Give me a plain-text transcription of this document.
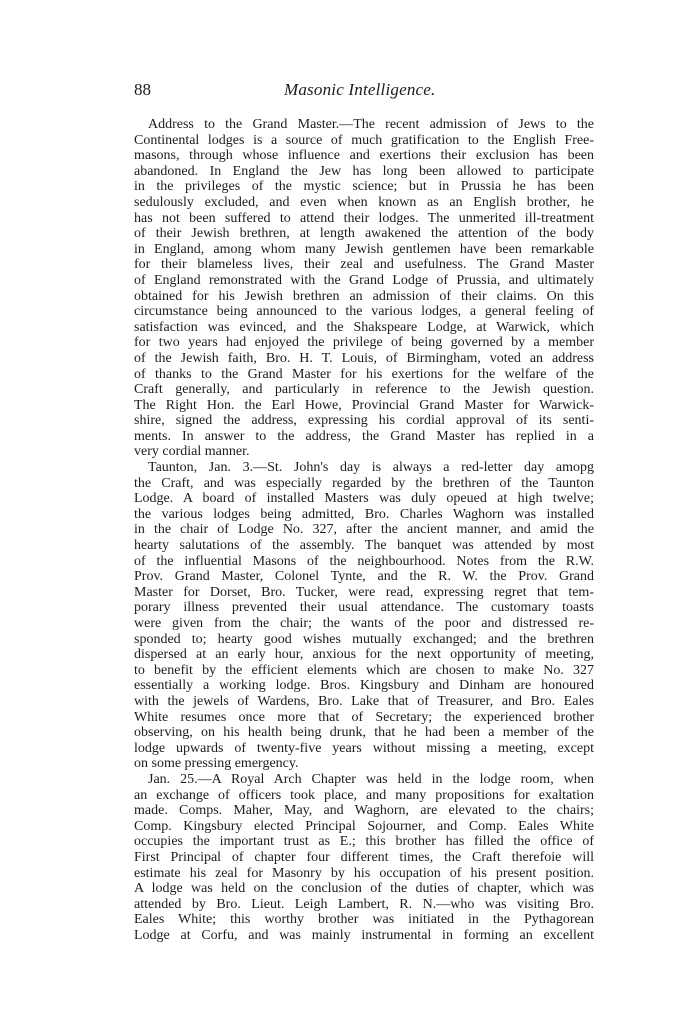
88	Masonic Intelligence.
Address to the Grand Master.—The recent admission of Jews to the
Continental lodges is a source of much gratification to the English Free-
masons, through whose influence and exertions their exclusion has been
abandoned. In England the Jew has long been allowed to participate
in the privileges of the mystic science; but in Prussia he has been
sedulously excluded, and even when known as an English brother, he
has not been suffered to attend their lodges. The unmerited ill-treatment
of their Jewish brethren, at length awakened the attention of the body
in England, among whom many Jewish gentlemen have been remarkable
for their blameless lives, their zeal and usefulness. The Grand Master
of England remonstrated with the Grand Lodge of Prussia, and ultimately
obtained for his Jewish brethren an admission of their claims. On this
circumstance being announced to the various lodges, a general feeling of
satisfaction was evinced, and the Shakspeare Lodge, at Warwick, which
for two years had enjoyed the privilege of being governed by a member
of the Jewish faith, Bro. H. T. Louis, of Birmingham, voted an address
of thanks to the Grand Master for his exertions for the welfare of the
Craft generally, and particularly in reference to the Jewish question.
The Right Hon. the Earl Howe, Provincial Grand Master for Warwick-
shire, signed the address, expressing his cordial approval of its senti-
ments. In answer to the address, the Grand Master has replied in a
very cordial manner.
Taunton, Jan. 3.—St. John's day is always a red-letter day amopg
the Craft, and was especially regarded by the brethren of the Taunton
Lodge. A board of installed Masters was duly opeued at high twelve;
the various lodges being admitted, Bro. Charles Waghorn was installed
in the chair of Lodge No. 327, after the ancient manner, and amid the
hearty salutations of the assembly. The banquet was attended by most
of the influential Masons of the neighbourhood. Notes from the R.W.
Prov. Grand Master, Colonel Tynte, and the R. W. the Prov. Grand
Master for Dorset, Bro. Tucker, were read, expressing regret that tem-
porary illness prevented their usual attendance. The customary toasts
were given from the chair; the wants of the poor and distressed re-
sponded to; hearty good wishes mutually exchanged; and the brethren
dispersed at an early hour, anxious for the next opportunity of meeting,
to benefit by the efficient elements which are chosen to make No. 327
essentially a working lodge. Bros. Kingsbury and Dinham are honoured
with the jewels of Wardens, Bro. Lake that of Treasurer, and Bro. Eales
White resumes once more that of Secretary; the experienced brother
observing, on his health being drunk, that he had been a member of the
lodge upwards of twenty-five years without missing a meeting, except
on some pressing emergency.
Jan. 25.—A Royal Arch Chapter was held in the lodge room, when
an exchange of officers took place, and many propositions for exaltation
made. Comps. Maher, May, and Waghorn, are elevated to the chairs;
Comp. Kingsbury elected Principal Sojourner, and Comp. Eales White
occupies the important trust as E.; this brother has filled the office of
First Principal of chapter four different times, the Craft therefoie will
estimate his zeal for Masonry by his occupation of his present position.
A lodge was held on the conclusion of the duties of chapter, which was
attended by Bro. Lieut. Leigh Lambert, R. N.—who was visiting Bro.
Eales White; this worthy brother was initiated in the Pythagorean
Lodge at Corfu, and was mainly instrumental in forming an excellent
